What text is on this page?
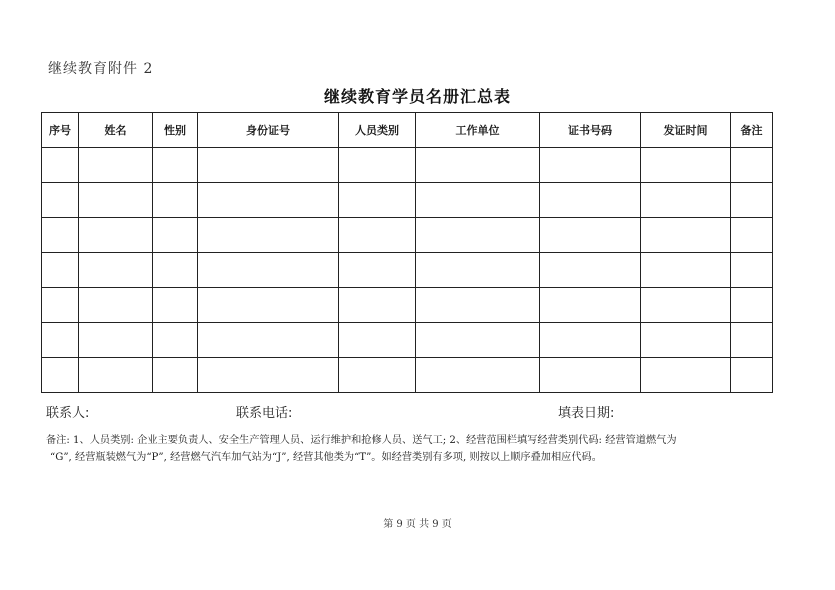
继续教育附件 2
继续教育学员名册汇总表
序号	姓名	性别	身份证号	人员类别	工作单位	证书号码	发证时间	备注

联系人:	联系电话:	填表日期:
备注: 1、人员类别: 企业主要负责人、安全生产管理人员、运行维护和抢修人员、送气工; 2、经营范围栏填写经营类别代码: 经营管道燃气为
“G”, 经营瓶装燃气为“P”, 经营燃气汽车加气站为“J”, 经营其他类为“T”。如经营类别有多项, 则按以上顺序叠加相应代码。
第 9 页 共 9 页
